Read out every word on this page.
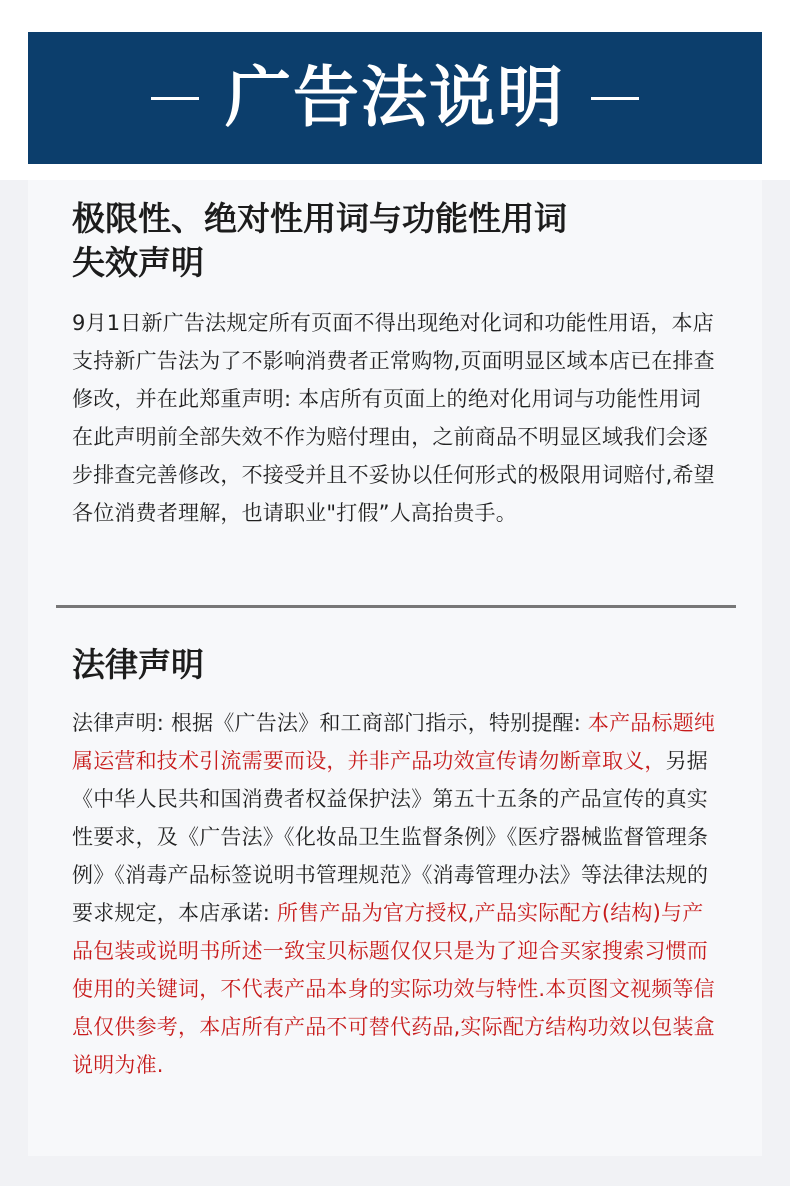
广告法说明
极限性、绝对性用词与功能性用词
失效声明

9月1日新广告法规定所有页面不得出现绝对化词和功能性用语，本店支持新广告法为了不影响消费者正常购物,页面明显区域本店已在排查修改，并在此郑重声明: 本店所有页面上的绝对化用词与功能性用词在此声明前全部失效不作为赔付理由，之前商品不明显区域我们会逐步排查完善修改，不接受并且不妥协以任何形式的极限用词赔付,希望各位消费者理解，也请职业"打假”人高抬贵手。

法律声明

法律声明: 根据《广告法》和工商部门指示，特别提醒: 本产品标题纯属运营和技术引流需要而设，并非产品功效宣传请勿断章取义，另据《中华人民共和国消费者权益保护法》第五十五条的产品宣传的真实性要求，及《广告法》《化妆品卫生监督条例》《医疗器械监督管理条例》《消毒产品标签说明书管理规范》《消毒管理办法》等法律法规的要求规定，本店承诺: 所售产品为官方授权,产品实际配方(结构)与产品包装或说明书所述一致宝贝标题仅仅只是为了迎合买家搜索习惯而使用的关键词，不代表产品本身的实际功效与特性.本页图文视频等信息仅供参考，本店所有产品不可替代药品,实际配方结构功效以包装盒说明为准.
